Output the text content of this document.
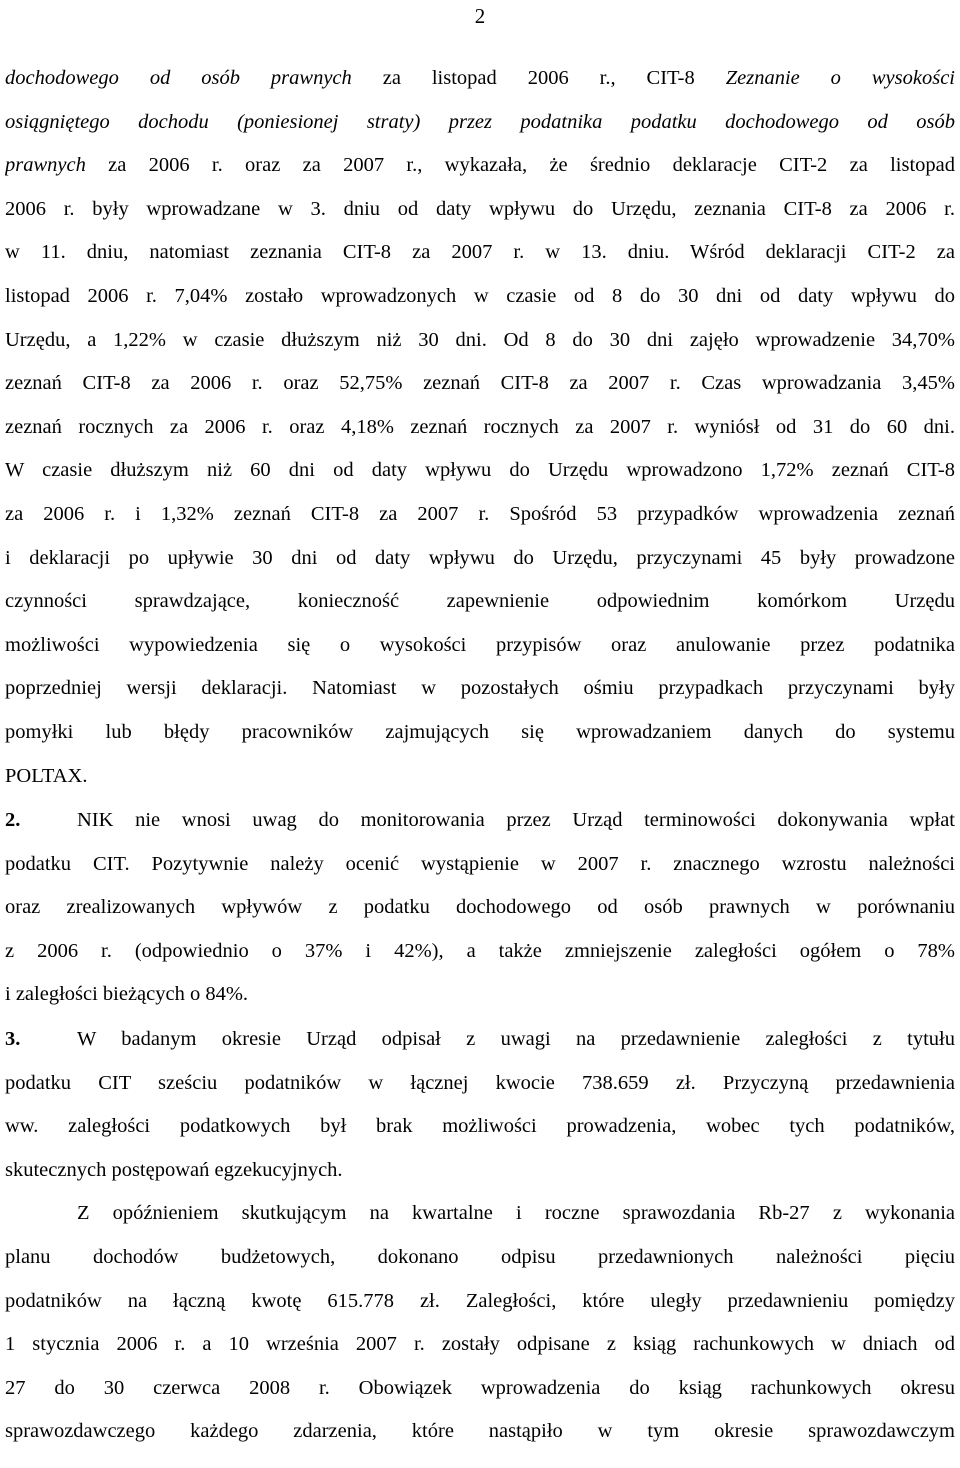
2
dochodowego od osób prawnych za listopad 2006 r., CIT-8 Zeznanie o wysokości
osiągniętego dochodu (poniesionej straty) przez podatnika podatku dochodowego od osób
prawnych za 2006 r. oraz za 2007 r., wykazała, że średnio deklaracje CIT-2 za listopad
2006 r. były wprowadzane w 3. dniu od daty wpływu do Urzędu, zeznania CIT-8 za 2006 r.
w 11. dniu, natomiast zeznania CIT-8 za 2007 r. w 13. dniu. Wśród deklaracji CIT-2 za
listopad 2006 r. 7,04% zostało wprowadzonych w czasie od 8 do 30 dni od daty wpływu do
Urzędu, a 1,22% w czasie dłuższym niż 30 dni. Od 8 do 30 dni zajęło wprowadzenie 34,70%
zeznań CIT-8 za 2006 r. oraz 52,75% zeznań CIT-8 za 2007 r. Czas wprowadzania 3,45%
zeznań rocznych za 2006 r. oraz 4,18% zeznań rocznych za 2007 r. wyniósł od 31 do 60 dni.
W czasie dłuższym niż 60 dni od daty wpływu do Urzędu wprowadzono 1,72% zeznań CIT-8
za 2006 r. i 1,32% zeznań CIT-8 za 2007 r. Spośród 53 przypadków wprowadzenia zeznań
i deklaracji po upływie 30 dni od daty wpływu do Urzędu, przyczynami 45 były prowadzone
czynności sprawdzające, konieczność zapewnienie odpowiednim komórkom Urzędu
możliwości wypowiedzenia się o wysokości przypisów oraz anulowanie przez podatnika
poprzedniej wersji deklaracji. Natomiast w pozostałych ośmiu przypadkach przyczynami były
pomyłki lub błędy pracowników zajmujących się wprowadzaniem danych do systemu
POLTAX.
2.	NIK nie wnosi uwag do monitorowania przez Urząd terminowości dokonywania wpłat
podatku CIT. Pozytywnie należy ocenić wystąpienie w 2007 r. znacznego wzrostu należności
oraz zrealizowanych wpływów z podatku dochodowego od osób prawnych w porównaniu
z 2006 r. (odpowiednio o 37% i 42%), a także zmniejszenie zaległości ogółem o 78%
i zaległości bieżących o 84%.
3.	W badanym okresie Urząd odpisał z uwagi na przedawnienie zaległości z tytułu
podatku CIT sześciu podatników w łącznej kwocie 738.659 zł. Przyczyną przedawnienia
ww. zaległości podatkowych był brak możliwości prowadzenia, wobec tych podatników,
skutecznych postępowań egzekucyjnych.
Z opóźnieniem skutkującym na kwartalne i roczne sprawozdania Rb-27 z wykonania
planu dochodów budżetowych, dokonano odpisu przedawnionych należności pięciu
podatników na łączną kwotę 615.778 zł. Zaległości, które uległy przedawnieniu pomiędzy
1 stycznia 2006 r. a 10 września 2007 r. zostały odpisane z ksiąg rachunkowych w dniach od
27 do 30 czerwca 2008 r. Obowiązek wprowadzenia do ksiąg rachunkowych okresu
sprawozdawczego każdego zdarzenia, które nastąpiło w tym okresie sprawozdawczym
